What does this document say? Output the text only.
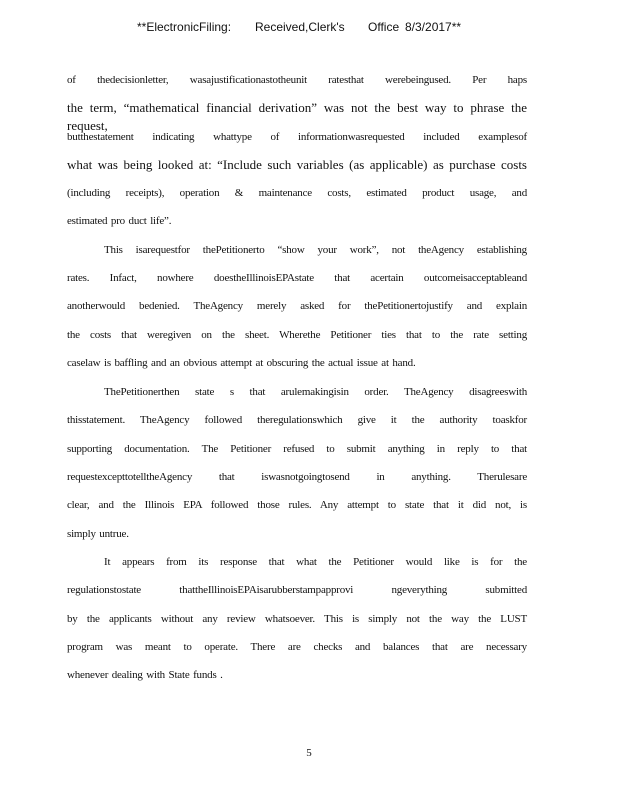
**ElectronicFiling: Received,Clerk's Office 8/3/2017**
of thedecisionletter, wasajustificationastotheunit ratesthat werebeingused. Per haps
the term, “mathematical financial derivation” was not the best way to phrase the request,
butthestatement indicating whattype of informationwasrequested included examplesof
what was being looked at: “Include such variables (as applicable) as purchase costs
(including receipts), operation & maintenance costs, estimated product usage, and
estimated pro duct life”.
This isarequestfor thePetitionerto “show your work”, not theAgency establishing
rates. Infact, nowhere doestheIllinoisEPAstate that acertain outcomeisacceptableand
anotherwould bedenied. TheAgency merely asked for thePetitionertojustify and explain
the costs that weregiven on the sheet. Wherethe Petitioner ties that to the rate setting
caselaw is baffling and an obvious attempt at obscuring the actual issue at hand.
ThePetitionerthen state s that arulemakingisin order. TheAgency disagreeswith
thisstatement. TheAgency followed theregulationswhich give it the authority toaskfor
supporting documentation. The Petitioner refused to submit anything in reply to that
requestexcepttotelltheAgency that iswasnotgoingtosend in anything. Therulesare
clear, and the Illinois EPA followed those rules. Any attempt to state that it did not, is
simply untrue.
It appears from its response that what the Petitioner would like is for the
regulationstostate thattheIllinoisEPAisarubberstampapprovi ngeverything submitted
by the applicants without any review whatsoever. This is simply not the way the LUST
program was meant to operate. There are checks and balances that are necessary
whenever dealing with State funds .
5
